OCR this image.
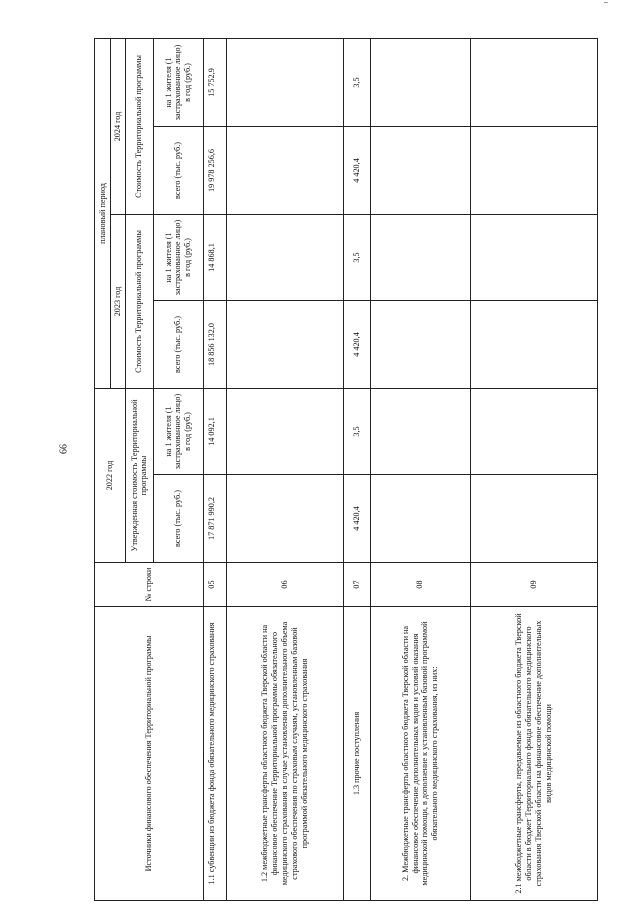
99
Источники финансового обеспечения Территориальной программы	№ строки	2022 год		плановый период			
				2023 год		2024 год	
		Утвержденная стоимость Территориальной программы		Стоимость Территориальной программы		Стоимость Территориальной программы	
		всего (тыс. руб.)	на 1 жителя (1 застрахованное лицо) в год (руб.)	всего (тыс. руб.)	на 1 жителя (1 застрахованное лицо) в год (руб.)	всего (тыс. руб.)	на 1 жителя (1 застрахованное лицо) в год (руб.)
1.1 субвенции из бюджета фонда обязательного медицинского страхования	05	17 871 990,2	14 092,1	18 856 132,0	14 868,1	19 978 256,6	15 752,9
1.2 межбюджетные трансферты областного бюджета Тверской области на финансовое обеспечение Территориальной программы обязательного медицинского страхования в случае установления дополнительного объема страхового обеспечения по страховым случаям, установленным базовой программой обязательного медицинского страхования	06						
1.3 прочие поступления	07	4 420,4	3,5	4 420,4	3,5	4 420,4	3,5
2. Межбюджетные трансферты областного бюджета Тверской области на финансовое обеспечение дополнительных видов и условий оказания медицинской помощи, в дополнение к установленным базовой программой обязательного медицинского страхования, из них:	08						
2.1 межбюджетные трансферты, передаваемые из областного бюджета Тверской области в бюджет Территориального фонда обязательного медицинского страхования Тверской области на финансовое обеспечение дополнительных видов медицинской помощи	09						
